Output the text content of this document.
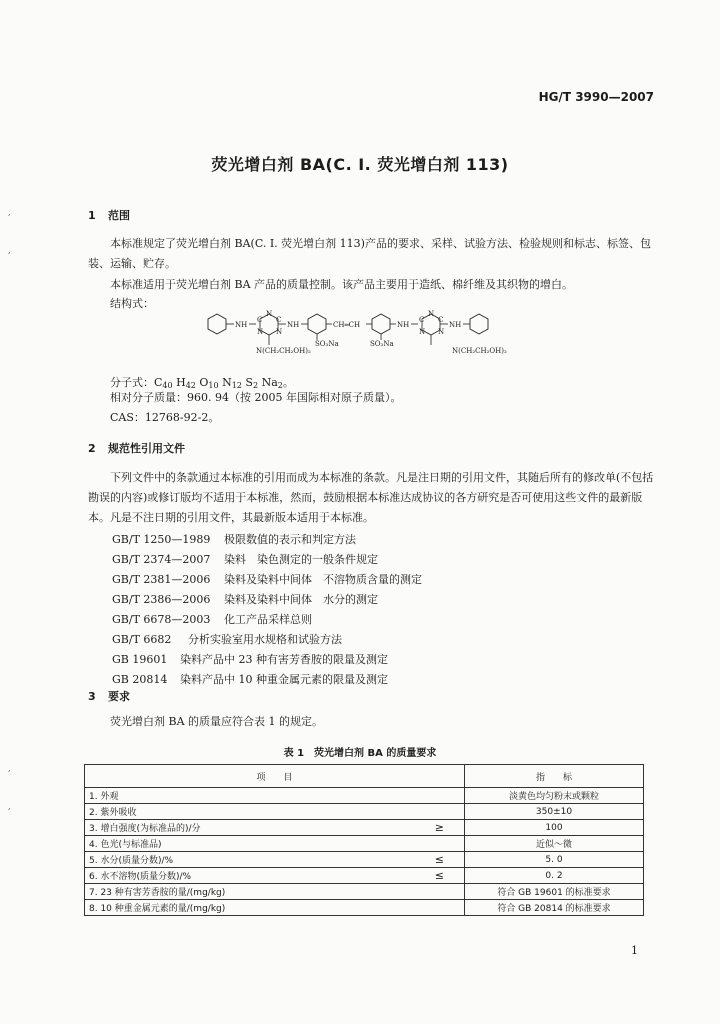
HG/T 3990—2007
荧光增白剂 BA(C. I. 荧光增白剂 113)
1 范围
本标准规定了荧光增白剂 BA(C. I. 荧光增白剂 113)产品的要求、采样、试验方法、检验规则和标志、标签、包装、运输、贮存。
本标准适用于荧光增白剂 BA 产品的质量控制。该产品主要用于造纸、棉纤维及其织物的增白。
结构式：
NH
N
C C
N N
N(CH₂CH₂OH)₂
NH
SO₃Na
CH═CH
SO₃Na
NH
N
C C
N N
N(CH₂CH₂OH)₂
NH
分子式：$C_{40}$ $H_{42}$ $O_{10}$ $N_{12}$ $S_2$ $Na_2$。
相对分子质量：960. 94（按 2005 年国际相对原子质量）。
CAS：12768-92-2。
2 规范性引用文件
下列文件中的条款通过本标准的引用而成为本标准的条款。凡是注日期的引用文件，其随后所有的修改单(不包括勘误的内容)或修订版均不适用于本标准，然而，鼓励根据本标准达成协议的各方研究是否可使用这些文件的最新版本。凡是不注日期的引用文件，其最新版本适用于本标准。
GB/T 1250—1989 极限数值的表示和判定方法
GB/T 2374—2007 染料　染色测定的一般条件规定
GB/T 2381—2006 染料及染料中间体　不溶物质含量的测定
GB/T 2386—2006 染料及染料中间体　水分的测定
GB/T 6678—2003 化工产品采样总则
GB/T 6682 分析实验室用水规格和试验方法
GB 19601 染料产品中 23 种有害芳香胺的限量及测定
GB 20814 染料产品中 10 种重金属元素的限量及测定
3 要求
荧光增白剂 BA 的质量应符合表 1 的规定。
表 1　荧光增白剂 BA 的质量要求
项　　目		指　　标
1. 外观		淡黄色均匀粉末或颗粒
2. 紫外吸收		350±10
3. 增白强度(为标准品的)/分	≥	100
4. 色光(与标准品)		近似～微
5. 水分(质量分数)/%	≤	5. 0
6. 水不溶物(质量分数)/%	≤	0. 2
7. 23 种有害芳香胺的量/(mg/kg)		符合 GB 19601 的标准要求
8. 10 种重金属元素的量/(mg/kg)		符合 GB 20814 的标准要求
1
,
,
,
,
